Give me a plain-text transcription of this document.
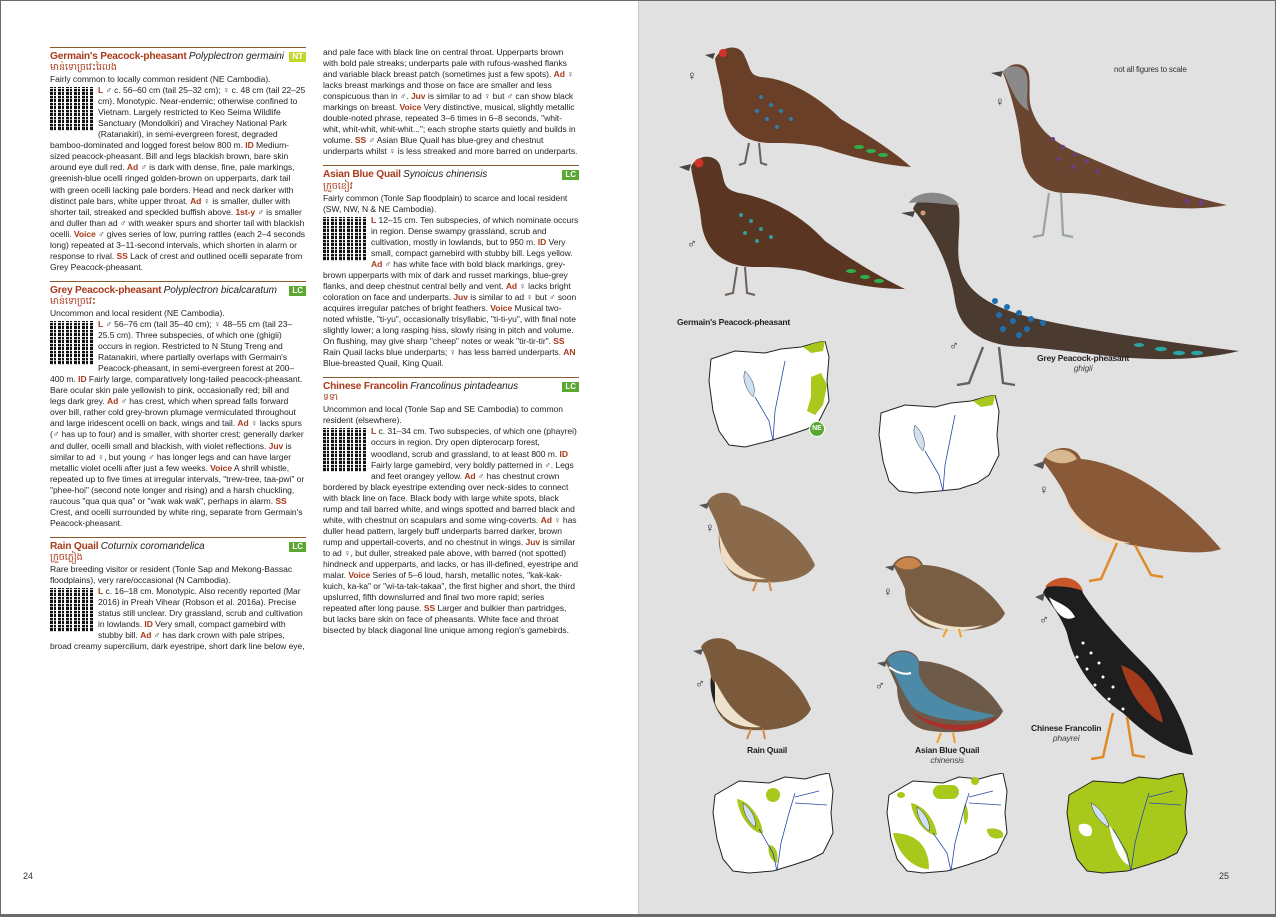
Germain's Peacock-pheasant Polyplectron germaini	NT
មាន់ទោច្រវេះរៃលង
Fairly common to locally common resident (NE Cambodia).
L ♂ c. 56–60 cm (tail 25–32 cm); ♀ c. 48 cm (tail 22–25 cm). Monotypic. Near-endemic; otherwise confined to Vietnam. Largely restricted to Keo Seima Wildlife Sanctuary (Mondolkiri) and Virachey National Park (Ratanakiri), in semi-evergreen forest, degraded bamboo-dominated and logged forest below 800 m. ID Medium-sized peacock-pheasant. Bill and legs blackish brown, bare skin around eye dull red. Ad ♂ is dark with dense, fine, pale markings, greenish-blue ocelli ringed golden-brown on upperparts, dark tail with green ocelli lacking pale borders. Head and neck darker with distinct pale bars, white upper throat. Ad ♀ is smaller, duller with shorter tail, streaked and speckled buffish above. 1st-y ♂ is smaller and duller than ad ♂ with weaker spurs and shorter tail with blackish ocelli. Voice ♂ gives series of low, purring rattles (each 2–4 seconds long) repeated at 3–11-second intervals, which shorten in alarm or response to rival. SS Lack of crest and outlined ocelli separate from Grey Peacock-pheasant.
Grey Peacock-pheasant Polyplectron bicalcaratum	LC
មាន់ទោច្រវេះ
Uncommon and local resident (NE Cambodia).
L ♂ 56–76 cm (tail 35–40 cm); ♀ 48–55 cm (tail 23–25.5 cm). Three subspecies, of which one (ghigii) occurs in region. Restricted to N Stung Treng and Ratanakiri, where partially overlaps with Germain's Peacock-pheasant, in semi-evergreen forest at 200–400 m. ID Fairly large, comparatively long-tailed peacock-pheasant. Bare ocular skin pale yellowish to pink, occasionally red; bill and legs dark grey. Ad ♂ has crest, which when spread falls forward over bill, rather cold grey-brown plumage vermiculated throughout and large iridescent ocelli on back, wings and tail. Ad ♀ lacks spurs (♂ has up to four) and is smaller, with shorter crest; generally darker and duller, ocelli small and blackish, with violet reflections. Juv is similar to ad ♀, but young ♂ has longer legs and can have larger metallic violet ocelli after just a few weeks. Voice A shrill whistle, repeated up to five times at irregular intervals, "trew-tree, taa-pwi" or "phee-hoi" (second note longer and rising) and a harsh chuckling, raucous "qua qua qua" or "wak wak wak", perhaps in alarm. SS Crest, and ocelli surrounded by white ring, separate from Germain's Peacock-pheasant.
Rain Quail Coturnix coromandelica	LC
ក្រួចភ្លៀង
Rare breeding visitor or resident (Tonle Sap and Mekong-Bassac floodplains), very rare/occasional (N Cambodia).
L c. 16–18 cm. Monotypic. Also recently reported (Mar 2016) in Preah Vihear (Robson et al. 2016a). Precise status still unclear. Dry grassland, scrub and cultivation in lowlands. ID Very small, compact gamebird with stubby bill. Ad ♂ has dark crown with pale stripes, broad creamy supercilium, dark eyestripe, short dark line below eye,
and pale face with black line on central throat. Upperparts brown with bold pale streaks; underparts pale with rufous-washed flanks and variable black breast patch (sometimes just a few spots). Ad ♀ lacks breast markings and those on face are smaller and less conspicuous than in ♂. Juv is similar to ad ♀ but ♂ can show black markings on breast. Voice Very distinctive, musical, slightly metallic double-noted phrase, repeated 3–6 times in 6–8 seconds, "whit-whit, whit-whit, whit-whit..."; each strophe starts quietly and builds in volume. SS ♂ Asian Blue Quail has blue-grey and chestnut underparts whilst ♀ is less streaked and more barred on underparts.
Asian Blue Quail Synoicus chinensis	LC
ក្រួចខៀវ
Fairly common (Tonle Sap floodplain) to scarce and local resident (SW, NW, N & NE Cambodia).
L 12–15 cm. Ten subspecies, of which nominate occurs in region. Dense swampy grassland, scrub and cultivation, mostly in lowlands, but to 950 m. ID Very small, compact gamebird with stubby bill. Legs yellow. Ad ♂ has white face with bold black markings, grey-brown upperparts with mix of dark and russet markings, blue-grey flanks, and deep chestnut central belly and vent. Ad ♀ lacks bright coloration on face and underparts. Juv is similar to ad ♀ but ♂ soon acquires irregular patches of bright feathers. Voice Musical two-noted whistle, "ti-yu", occasionally trisyllabic, "ti-ti-yu", with final note slightly lower; a long rasping hiss, slowly rising in pitch and volume. On flushing, may give sharp "cheep" notes or weak "tir-tir-tir". SS Rain Quail lacks blue underparts; ♀ has less barred underparts. AN Blue-breasted Quail, King Quail.
Chinese Francolin Francolinus pintadeanus	LC
ទទា
Uncommon and local (Tonle Sap and SE Cambodia) to common resident (elsewhere).
L c. 31–34 cm. Two subspecies, of which one (phayrei) occurs in region. Dry open dipterocarp forest, woodland, scrub and grassland, to at least 800 m. ID Fairly large gamebird, very boldly patterned in ♂. Legs and feet orangey yellow. Ad ♂ has chestnut crown bordered by black eyestripe extending over neck-sides to connect with black line on face. Black body with large white spots, black rump and tail barred white, and wings spotted and barred black and white, with chestnut on scapulars and some wing-coverts. Ad ♀ has duller head pattern, largely buff underparts barred darker, brown rump and uppertail-coverts, and no chestnut in wings. Juv is similar to ad ♀, but duller, streaked pale above, with barred (not spotted) hindneck and upperparts, and lacks, or has ill-defined, eyestripe and malar. Voice Series of 5–6 loud, harsh, metallic notes, "kak-kak-kuich, ka-ka" or "wi-ta-tak-takaa", the first higher and short, the third upslurred, fifth downslurred and final two more rapid; series repeated after long pause. SS Larger and bulkier than partridges, but lacks bare skin on face of pheasants. White face and throat bisected by black diagonal line unique among region's gamebirds.
24
not all figures to scale
♀
♂
Germain's Peacock-pheasant
♀
♂
Grey Peacock-pheasant
ghigii
NE
♀
♂
Rain Quail
♀
♂
Asian Blue Quail
chinensis
♀
♂
Chinese Francolin
phayrei
25
